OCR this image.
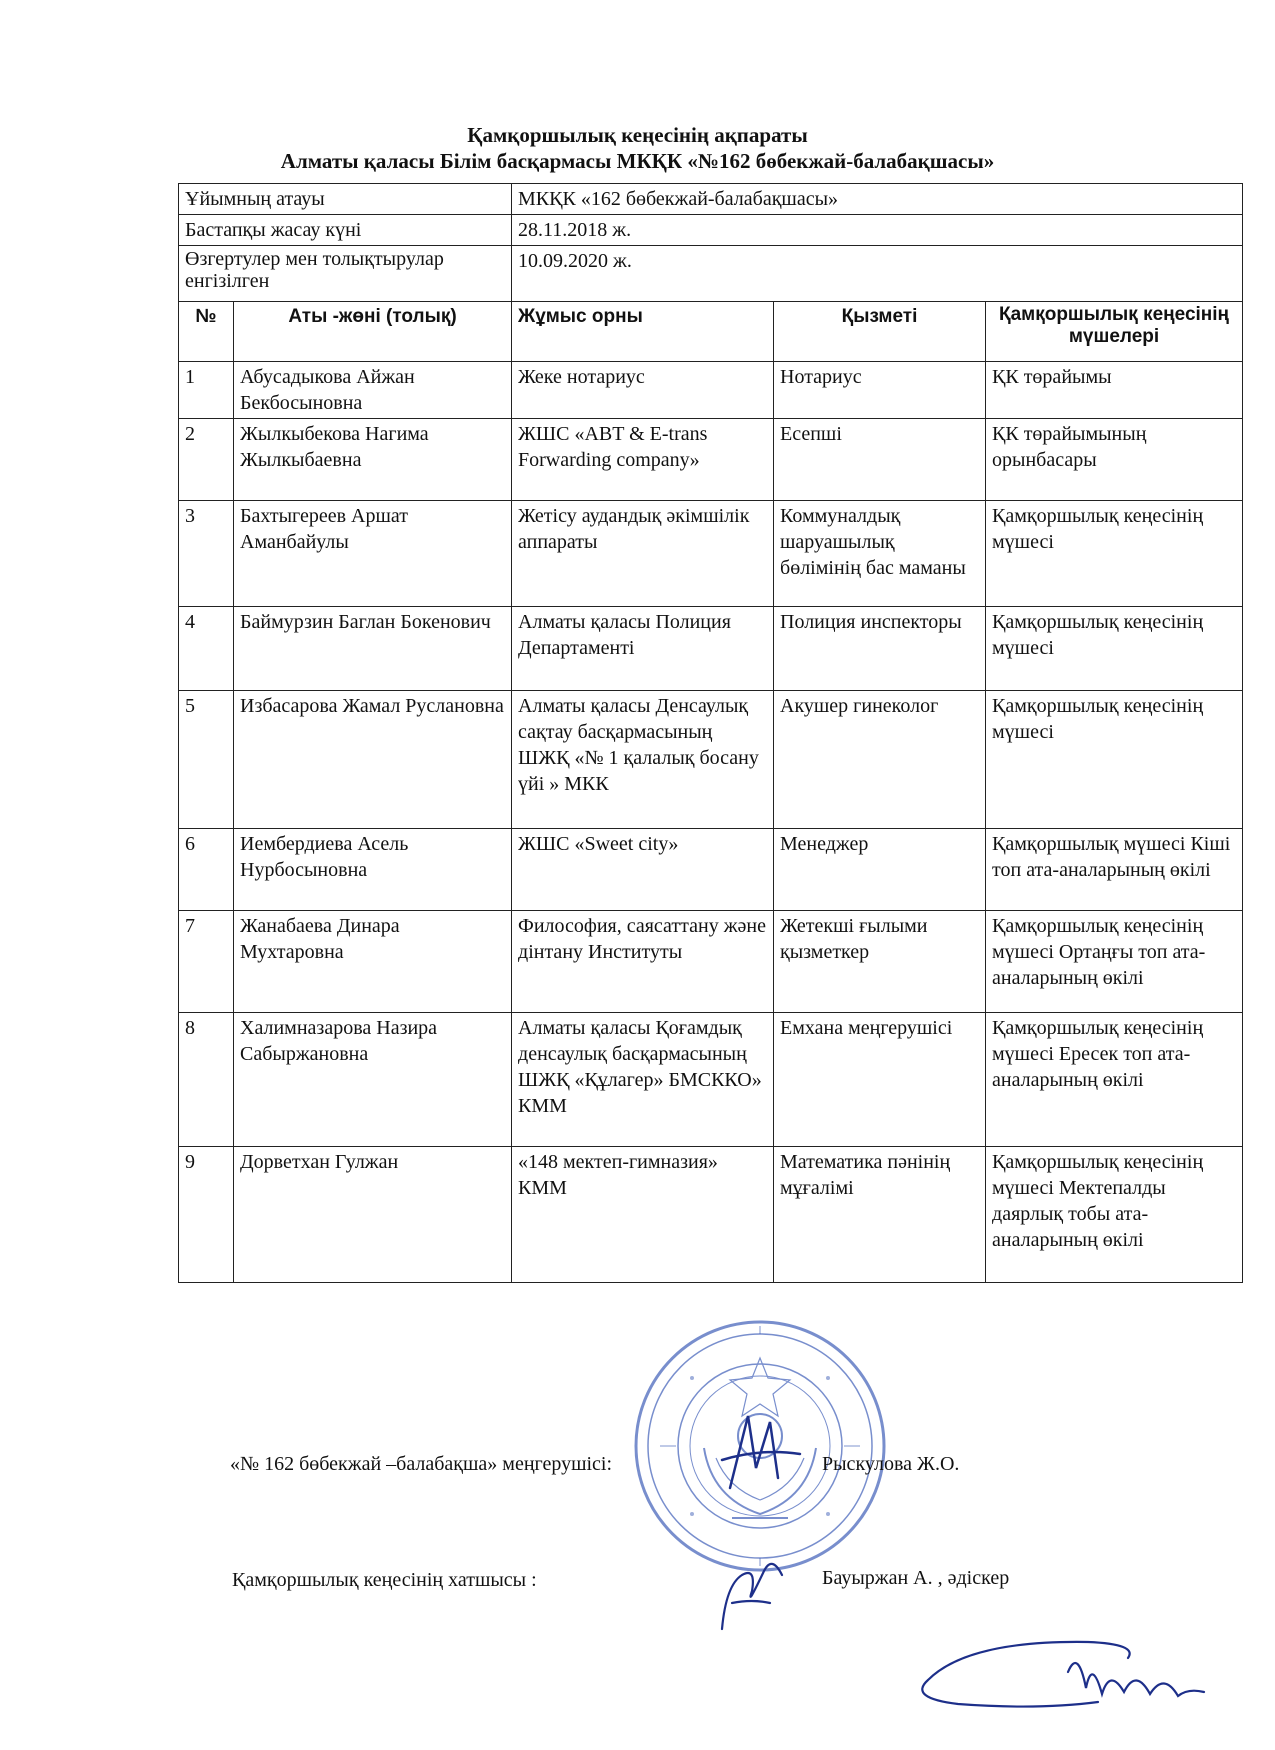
Қамқоршылық кеңесінің ақпараты
Алматы қаласы Білім басқармасы МКҚК «№162 бөбекжай-балабақшасы»
Ұйымның атауы		МКҚК «162 бөбекжай-балабақшасы»		
Бастапқы жасау күні		28.11.2018 ж.		
Өзгертулер мен толықтырулар енгізілген		10.09.2020 ж.		
№	Аты -жөні (толық)	Жұмыс орны	Қызметі	Қамқоршылық кеңесінің мүшелері
1	Абусадыкова Айжан Бекбосыновна	Жеке нотариус	Нотариус	ҚК төрайымы
2	Жылкыбекова Нагима Жылкыбаевна	ЖШС «ABT & E-trans Forwarding company»	Есепші	ҚК төрайымының орынбасары
3	Бахтыгереев Аршат Аманбайулы	Жетісу аудандық әкімшілік аппараты	Коммуналдық шаруашылық бөлімінің бас маманы	Қамқоршылық кеңесінің мүшесі
4	Баймурзин Баглан Бокенович	Алматы қаласы Полиция Департаменті	Полиция инспекторы	Қамқоршылық кеңесінің мүшесі
5	Избасарова Жамал Руслановна	Алматы қаласы Денсаулық сақтау басқармасының ШЖҚ «№ 1 қалалық босану үйі » МКК	Акушер гинеколог	Қамқоршылық кеңесінің мүшесі
6	Иембердиева Асель Нурбосыновна	ЖШС «Sweet city»	Менеджер	Қамқоршылық мүшесі Кіші топ ата-аналарының өкілі
7	Жанабаева Динара Мухтаровна	Философия, саясаттану және дінтану Институты	Жетекші ғылыми қызметкер	Қамқоршылық кеңесінің мүшесі Ортаңғы топ ата-аналарының өкілі
8	Халимназарова Назира Сабыржановна	Алматы қаласы Қоғамдық денсаулық басқармасының ШЖҚ «Құлагер» БМСККО» КММ	Емхана меңгерушісі	Қамқоршылық кеңесінің мүшесі Ересек топ ата-аналарының өкілі
9	Дорветхан Гулжан	«148 мектеп-гимназия» КММ	Математика пәнінің мұғалімі	Қамқоршылық кеңесінің мүшесі Мектепалды даярлық тобы ата-аналарының өкілі
«№ 162 бөбекжай –балабақша» меңгерушісі:	Рыскулова Ж.О.
Қамқоршылық кеңесінің хатшысы :	Бауыржан А. , әдіскер
